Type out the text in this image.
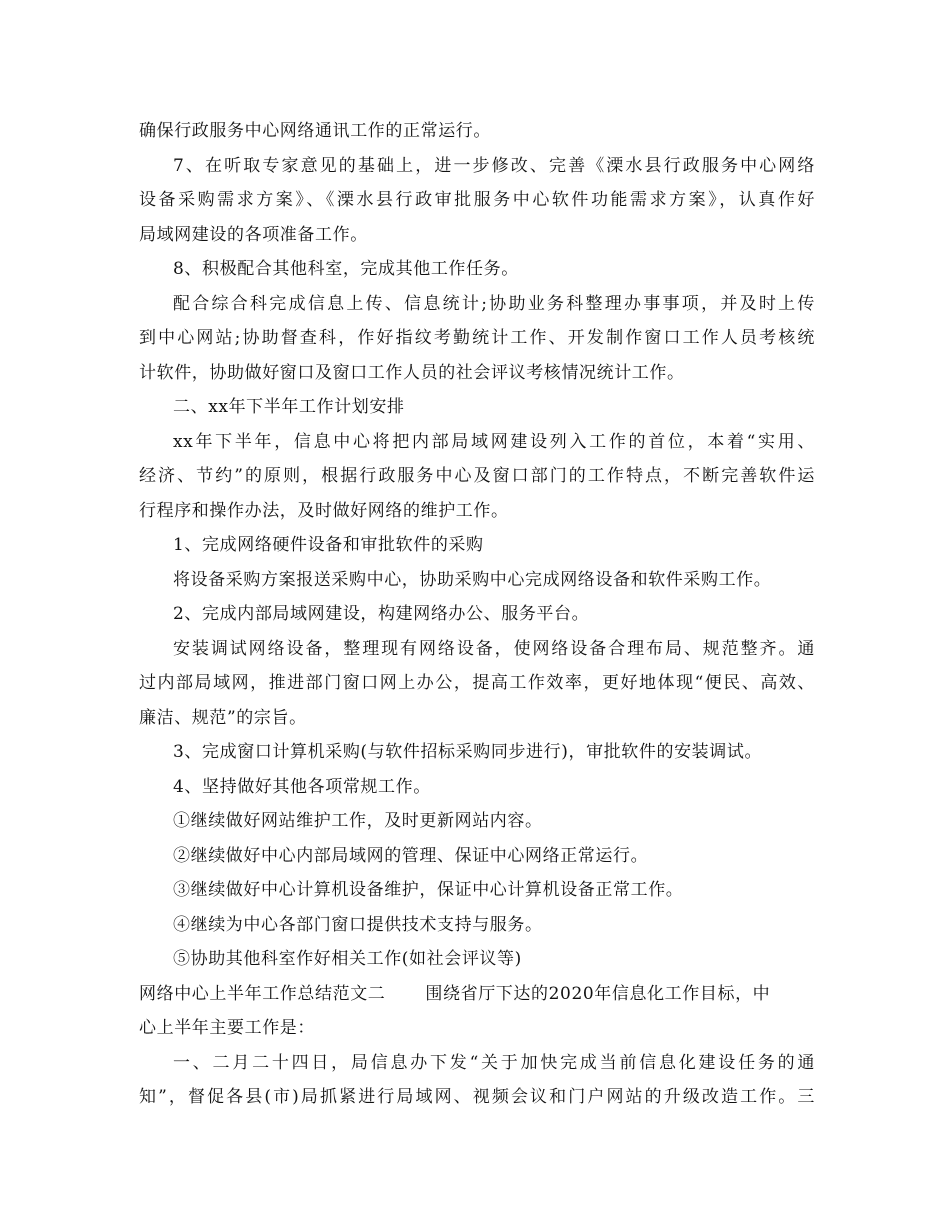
确保行政服务中心网络通讯工作的正常运行。
7、在听取专家意见的基础上，进一步修改、完善《溧水县行政服务中心网络
设备采购需求方案》、《溧水县行政审批服务中心软件功能需求方案》，认真作好
局域网建设的各项准备工作。
8、积极配合其他科室，完成其他工作任务。
配合综合科完成信息上传、信息统计;协助业务科整理办事事项，并及时上传
到中心网站;协助督查科，作好指纹考勤统计工作、开发制作窗口工作人员考核统
计软件，协助做好窗口及窗口工作人员的社会评议考核情况统计工作。
二、xx年下半年工作计划安排
xx年下半年，信息中心将把内部局域网建设列入工作的首位，本着“实用、
经济、节约”的原则，根据行政服务中心及窗口部门的工作特点，不断完善软件运
行程序和操作办法，及时做好网络的维护工作。
1、完成网络硬件设备和审批软件的采购
将设备采购方案报送采购中心，协助采购中心完成网络设备和软件采购工作。
2、完成内部局域网建设，构建网络办公、服务平台。
安装调试网络设备，整理现有网络设备，使网络设备合理布局、规范整齐。通
过内部局域网，推进部门窗口网上办公，提高工作效率，更好地体现“便民、高效、
廉洁、规范”的宗旨。
3、完成窗口计算机采购(与软件招标采购同步进行)，审批软件的安装调试。
4、坚持做好其他各项常规工作。
①继续做好网站维护工作，及时更新网站内容。
②继续做好中心内部局域网的管理、保证中心网络正常运行。
③继续做好中心计算机设备维护，保证中心计算机设备正常工作。
④继续为中心各部门窗口提供技术支持与服务。
⑤协助其他科室作好相关工作(如社会评议等)
网络中心上半年工作总结范文二 围绕省厅下达的2020年信息化工作目标，中
心上半年主要工作是：
一、二月二十四日，局信息办下发“关于加快完成当前信息化建设任务的通
知”，督促各县(市)局抓紧进行局域网、视频会议和门户网站的升级改造工作。三
